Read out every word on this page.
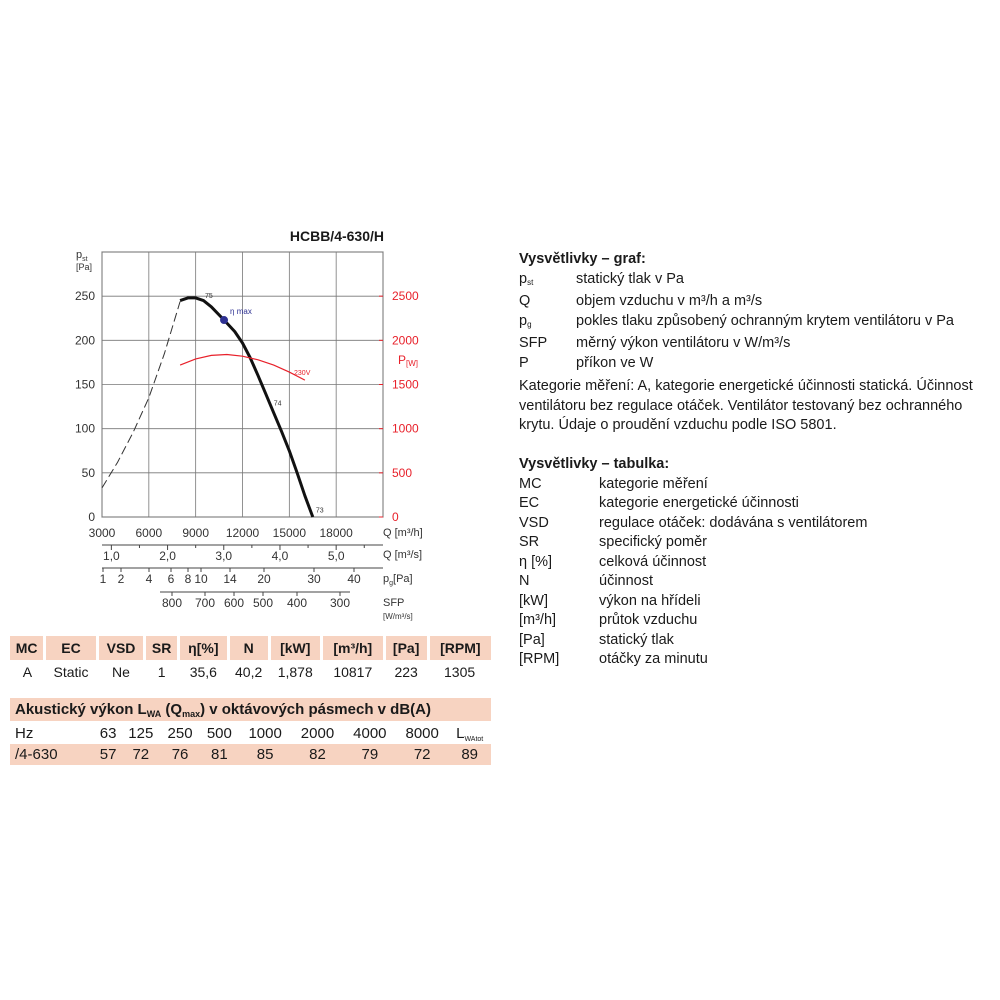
HCBB/4-630/H
$p_{st}$
[Pa]
0
50
100
150
200
250
0
500
1000
1500
2000
2500
3000 6000 9000 12000 15000 18000
1,0	2,0	3,0	4,0	5,0
1 2 4 6 8 10 14 20	30 40
800 700 600 500 400 300
η max
75
74
73
230V
P[W]
Q [m³/h]
Q [m³/s]
$p_g[Pa]$
SFP
[W/m³/s]
MC	EC	VSD	SR	η[%]	N	[kW]	[m³/h]	[Pa]	[RPM]
A	Static	Ne	1	35,6	40,2	1,878	10817	223	1305
Akustický výkon $L_{WA}$ $(Q_{max})$ v oktávových pásmech v dB(A)
Hz	63	125	250	500	1000	2000	4000	8000	$L_{WAtot}$
/4-630	57	72	76	81	85	82	79	72	89
Vysvětlivky – graf:
$p_{st}$	statický tlak v Pa
Q	objem vzduchu v m³/h a m³/s
$p_g$	pokles tlaku způsobený ochranným krytem ventilátoru v Pa
SFP	měrný výkon ventilátoru v W/m³/s
P	příkon ve W
Kategorie měření: A, kategorie energetické účinnosti statická. Účinnost ventilátoru bez regulace otáček. Ventilátor testovaný bez ochranného krytu. Údaje o proudění vzduchu podle ISO 5801.
Vysvětlivky – tabulka:
MC	kategorie měření
EC	kategorie energetické účinnosti
VSD	regulace otáček: dodávána s ventilátorem
SR	specifický poměr
η [%]	celková účinnost
N	účinnost
[kW]	výkon na hřídeli
[m³/h]	průtok vzduchu
[Pa]	statický tlak
[RPM]	otáčky za minutu
